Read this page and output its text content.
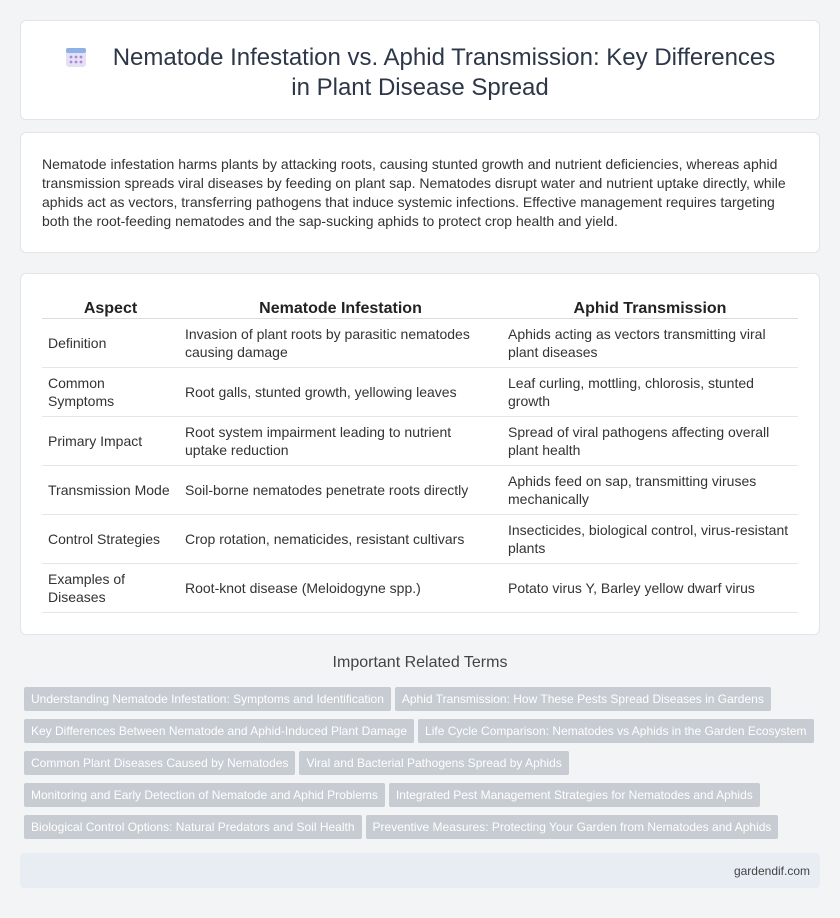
Nematode Infestation vs. Aphid Transmission: Key Differences in Plant Disease Spread

Nematode infestation harms plants by attacking roots, causing stunted growth and nutrient deficiencies, whereas aphid transmission spreads viral diseases by feeding on plant sap. Nematodes disrupt water and nutrient uptake directly, while aphids act as vectors, transferring pathogens that induce systemic infections. Effective management requires targeting both the root-feeding nematodes and the sap-sucking aphids to protect crop health and yield.

Aspect	Nematode Infestation	Aphid Transmission
Definition	Invasion of plant roots by parasitic nematodes causing damage	Aphids acting as vectors transmitting viral plant diseases
Common Symptoms	Root galls, stunted growth, yellowing leaves	Leaf curling, mottling, chlorosis, stunted growth
Primary Impact	Root system impairment leading to nutrient uptake reduction	Spread of viral pathogens affecting overall plant health
Transmission Mode	Soil-borne nematodes penetrate roots directly	Aphids feed on sap, transmitting viruses mechanically
Control Strategies	Crop rotation, nematicides, resistant cultivars	Insecticides, biological control, virus-resistant plants
Examples of Diseases	Root-knot disease (Meloidogyne spp.)	Potato virus Y, Barley yellow dwarf virus
Important Related Terms
Understanding Nematode Infestation: Symptoms and Identification Aphid Transmission: How These Pests Spread Diseases in Gardens
Key Differences Between Nematode and Aphid-Induced Plant Damage Life Cycle Comparison: Nematodes vs Aphids in the Garden Ecosystem
Common Plant Diseases Caused by Nematodes Viral and Bacterial Pathogens Spread by Aphids
Monitoring and Early Detection of Nematode and Aphid Problems Integrated Pest Management Strategies for Nematodes and Aphids
Biological Control Options: Natural Predators and Soil Health Preventive Measures: Protecting Your Garden from Nematodes and Aphids
gardendif.com
